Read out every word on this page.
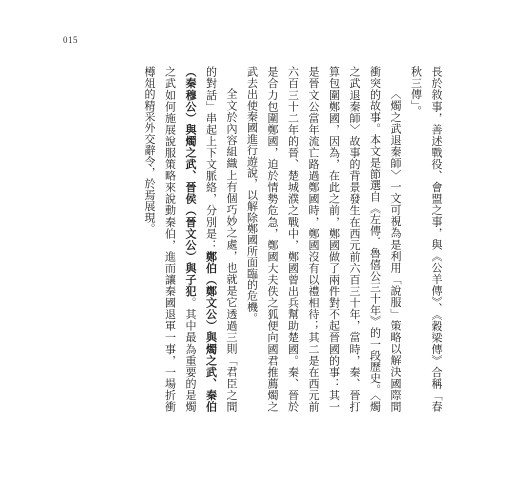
015

長於敘事，善述戰役、會盟之事，與《公羊傳》、《穀梁傳》合稱「春秋三傳」。

〈燭之武退秦師〉一文可視為是利用「說服」策略以解決國際間衝突的故事。本文是節選自《左傳．魯僖公三十年》的一段歷史。〈燭之武退秦師〉故事的背景發生在西元前六百三十年，當時，秦、晉打算包圍鄭國，因為，在此之前，鄭國做了兩件對不起晉國的事：其一是晉文公當年流亡路過鄭國時，鄭國沒有以禮相待；其二是在西元前六百三十二年的晉、楚城濮之戰中，鄭國曾出兵幫助楚國。秦、晉於是合力包圍鄭國，迫於情勢危急，鄭國大夫佚之狐便向國君推薦燭之武去出使秦國進行遊說，以解除鄭國所面臨的危機。

全文於內容組織上有個巧妙之處，也就是它透過三則「君臣之間的對話」串起上下文脈絡，分別是：鄭伯（鄭文公）與燭之武、秦伯（秦穆公）與燭之武、晉侯（晉文公）與子犯。其中最為重要的是燭之武如何施展說服策略來說動秦伯，進而讓秦國退軍一事，一場折衝樽俎的精采外交辭令，於焉展現。
